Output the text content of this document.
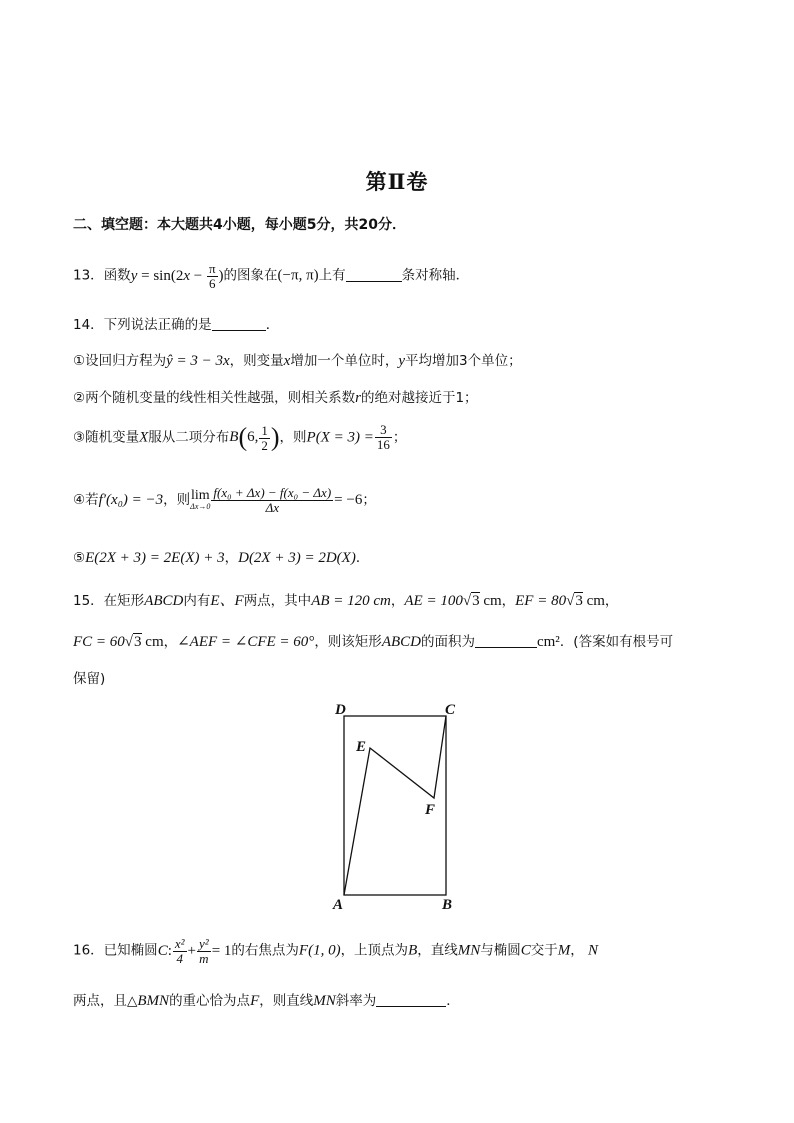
第Ⅱ卷
二、填空题：本大题共4小题，每小题5分，共20分．
13．函数$y = \sin(2x - \frac{\pi}{6}$ )的图象在(−π, π)上有	条对称轴．
14．下列说法正确的是	．
①设回归方程为ŷ = 3 − 3x，则变量x增加一个单位时，y平均增加3个单位；
②两个随机变量的线性相关性越强，则相关系数r的绝对越接近于1；
③随机变量X服从二项分布B(6, $\frac{1}{2}$ )，则$P(X = 3) = \frac{3}{16}$ ；
④若f′(x₀) = −3，则 lim
$\Delta x\to 0 \frac{\text{f(x₀ + Δx) − f(x₀ − Δx)}}{\Delta x} = -6$；
⑤E(2X + 3) = 2E(X) + 3，D(2X + 3) = 2D(X)．
15．在矩形ABCD内有E、F两点，其中AB = 120 cm，AE = 100√3 cm，EF = 80√3 cm，
FC = 60√3 cm，∠AEF = ∠CFE = 60°，则该矩形ABCD的面积为	cm²．(答案如有根号可
保留)
D	C
E
F
A	B
16．已知椭圆C: $\frac{\text{x²}}{4} + \frac{\text{y²}}{m} = 1$的右焦点为F(1, 0)，上顶点为B，直线MN与椭圆C交于M， N
两点，且△BMN的重心恰为点F，则直线MN斜率为	．
